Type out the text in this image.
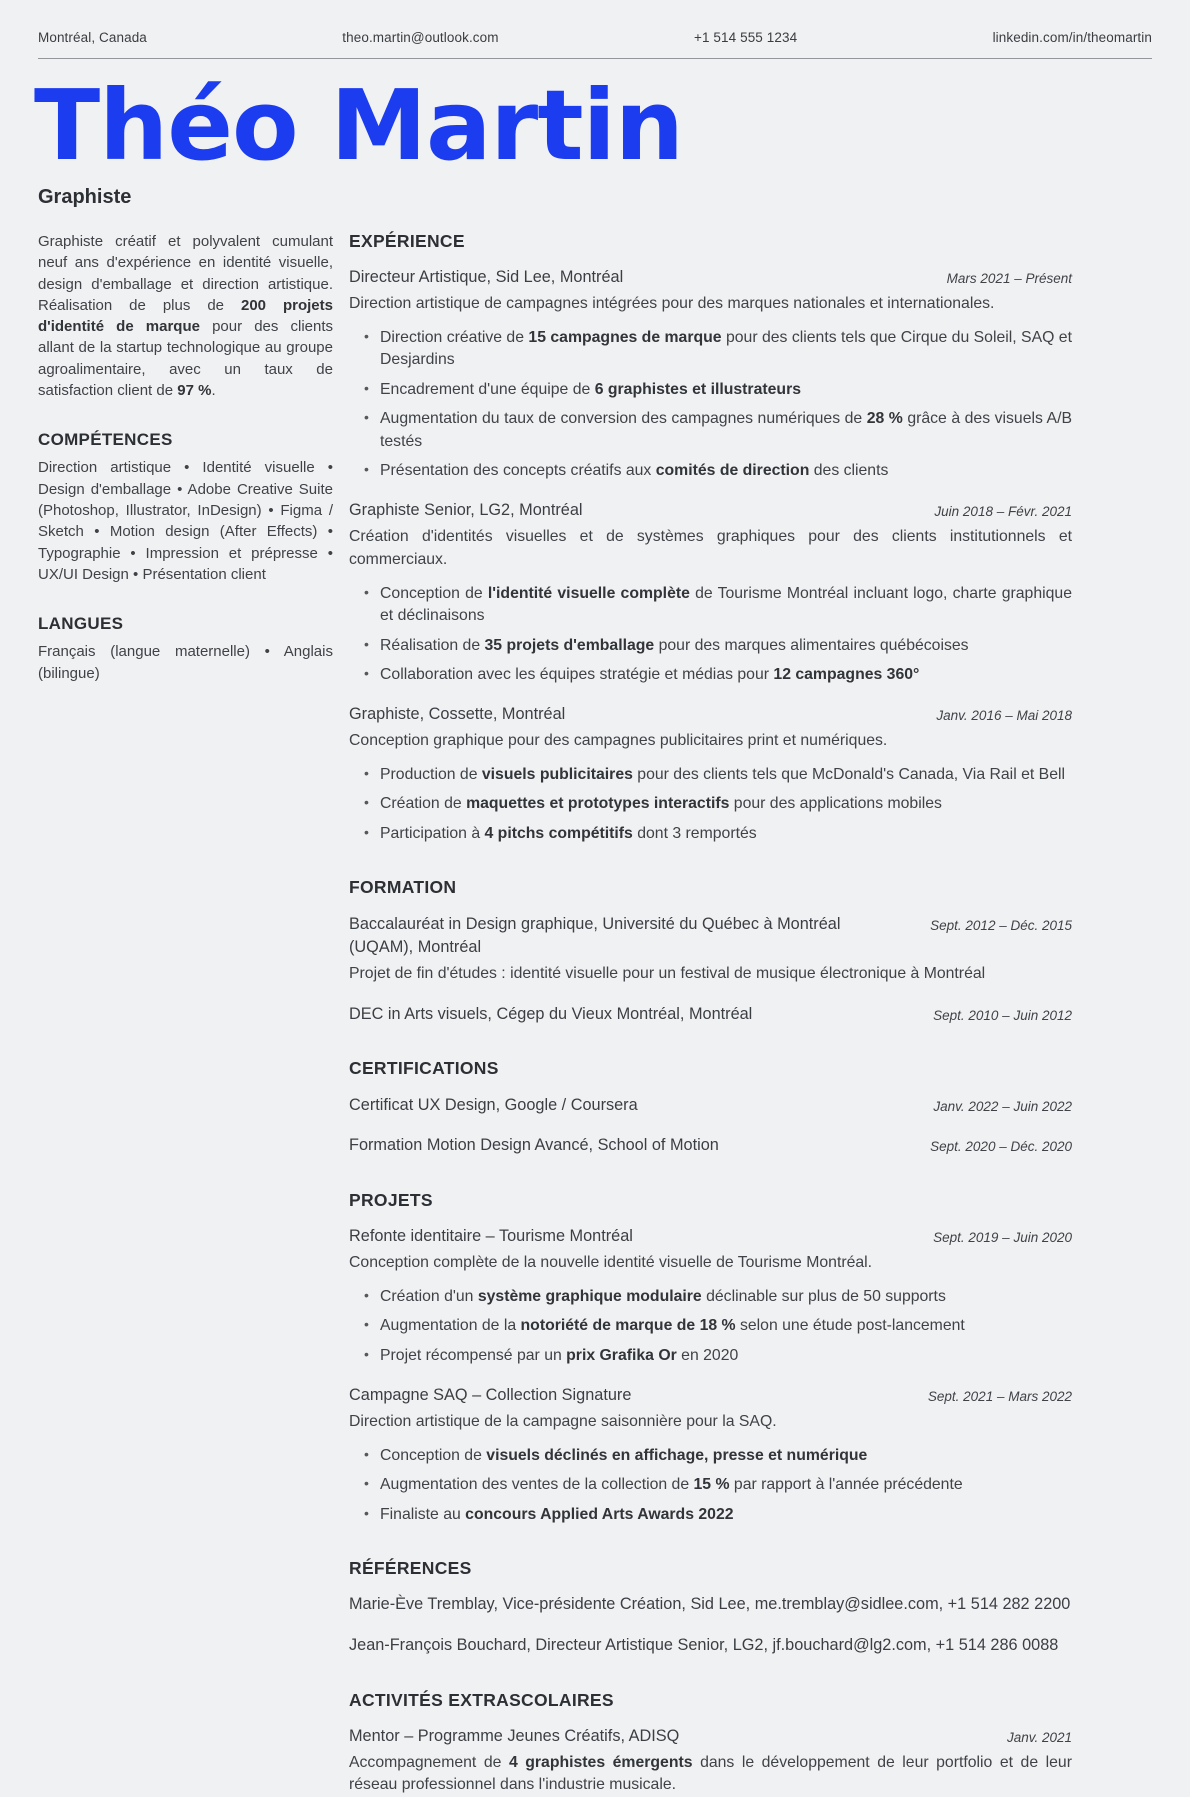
Montréal, Canada	theo.martin@outlook.com	+1 514 555 1234	linkedin.com/in/theomartin
Théo Martin
Graphiste

Graphiste créatif et polyvalent cumulant neuf ans d'expérience en identité visuelle, design d'emballage et direction artistique. Réalisation de plus de 200 projets d'identité de marque pour des clients allant de la startup technologique au groupe agroalimentaire, avec un taux de satisfaction client de 97 %.

COMPÉTENCES

Direction artistique • Identité visuelle • Design d'emballage • Adobe Creative Suite (Photoshop, Illustrator, InDesign) • Figma / Sketch • Motion design (After Effects) • Typographie • Impression et prépresse • UX/UI Design • Présentation client

LANGUES

Français (langue maternelle) • Anglais (bilingue)

EXPÉRIENCE
Directeur Artistique, Sid Lee, Montréal	Mars 2021 – Présent

Direction artistique de campagnes intégrées pour des marques nationales et internationales.

• Direction créative de 15 campagnes de marque pour des clients tels que Cirque du Soleil, SAQ et Desjardins
• Encadrement d'une équipe de 6 graphistes et illustrateurs
• Augmentation du taux de conversion des campagnes numériques de 28 % grâce à des visuels A/B testés
• Présentation des concepts créatifs aux comités de direction des clients
Graphiste Senior, LG2, Montréal	Juin 2018 – Févr. 2021

Création d'identités visuelles et de systèmes graphiques pour des clients institutionnels et commerciaux.

• Conception de l'identité visuelle complète de Tourisme Montréal incluant logo, charte graphique et déclinaisons
• Réalisation de 35 projets d'emballage pour des marques alimentaires québécoises
• Collaboration avec les équipes stratégie et médias pour 12 campagnes 360°
Graphiste, Cossette, Montréal	Janv. 2016 – Mai 2018

Conception graphique pour des campagnes publicitaires print et numériques.

• Production de visuels publicitaires pour des clients tels que McDonald's Canada, Via Rail et Bell
• Création de maquettes et prototypes interactifs pour des applications mobiles
• Participation à 4 pitchs compétitifs dont 3 remportés
FORMATION
Baccalauréat in Design graphique, Université du Québec à Montréal (UQAM), Montréal
Sept. 2012 – Déc. 2015

Projet de fin d'études : identité visuelle pour un festival de musique électronique à Montréal

DEC in Arts visuels, Cégep du Vieux Montréal, Montréal	Sept. 2010 – Juin 2012
CERTIFICATIONS
Certificat UX Design, Google / Coursera	Janv. 2022 – Juin 2022
Formation Motion Design Avancé, School of Motion	Sept. 2020 – Déc. 2020
PROJETS
Refonte identitaire – Tourisme Montréal	Sept. 2019 – Juin 2020

Conception complète de la nouvelle identité visuelle de Tourisme Montréal.

• Création d'un système graphique modulaire déclinable sur plus de 50 supports
• Augmentation de la notoriété de marque de 18 % selon une étude post-lancement
• Projet récompensé par un prix Grafika Or en 2020
Campagne SAQ – Collection Signature	Sept. 2021 – Mars 2022

Direction artistique de la campagne saisonnière pour la SAQ.

• Conception de visuels déclinés en affichage, presse et numérique
• Augmentation des ventes de la collection de 15 % par rapport à l'année précédente
• Finaliste au concours Applied Arts Awards 2022
RÉFÉRENCES
Marie-Ève Tremblay, Vice-présidente Création, Sid Lee, me.tremblay@sidlee.com, +1 514 282 2200
Jean-François Bouchard, Directeur Artistique Senior, LG2, jf.bouchard@lg2.com, +1 514 286 0088
ACTIVITÉS EXTRASCOLAIRES
Mentor – Programme Jeunes Créatifs, ADISQ	Janv. 2021

Accompagnement de 4 graphistes émergents dans le développement de leur portfolio et de leur réseau professionnel dans l'industrie musicale.
